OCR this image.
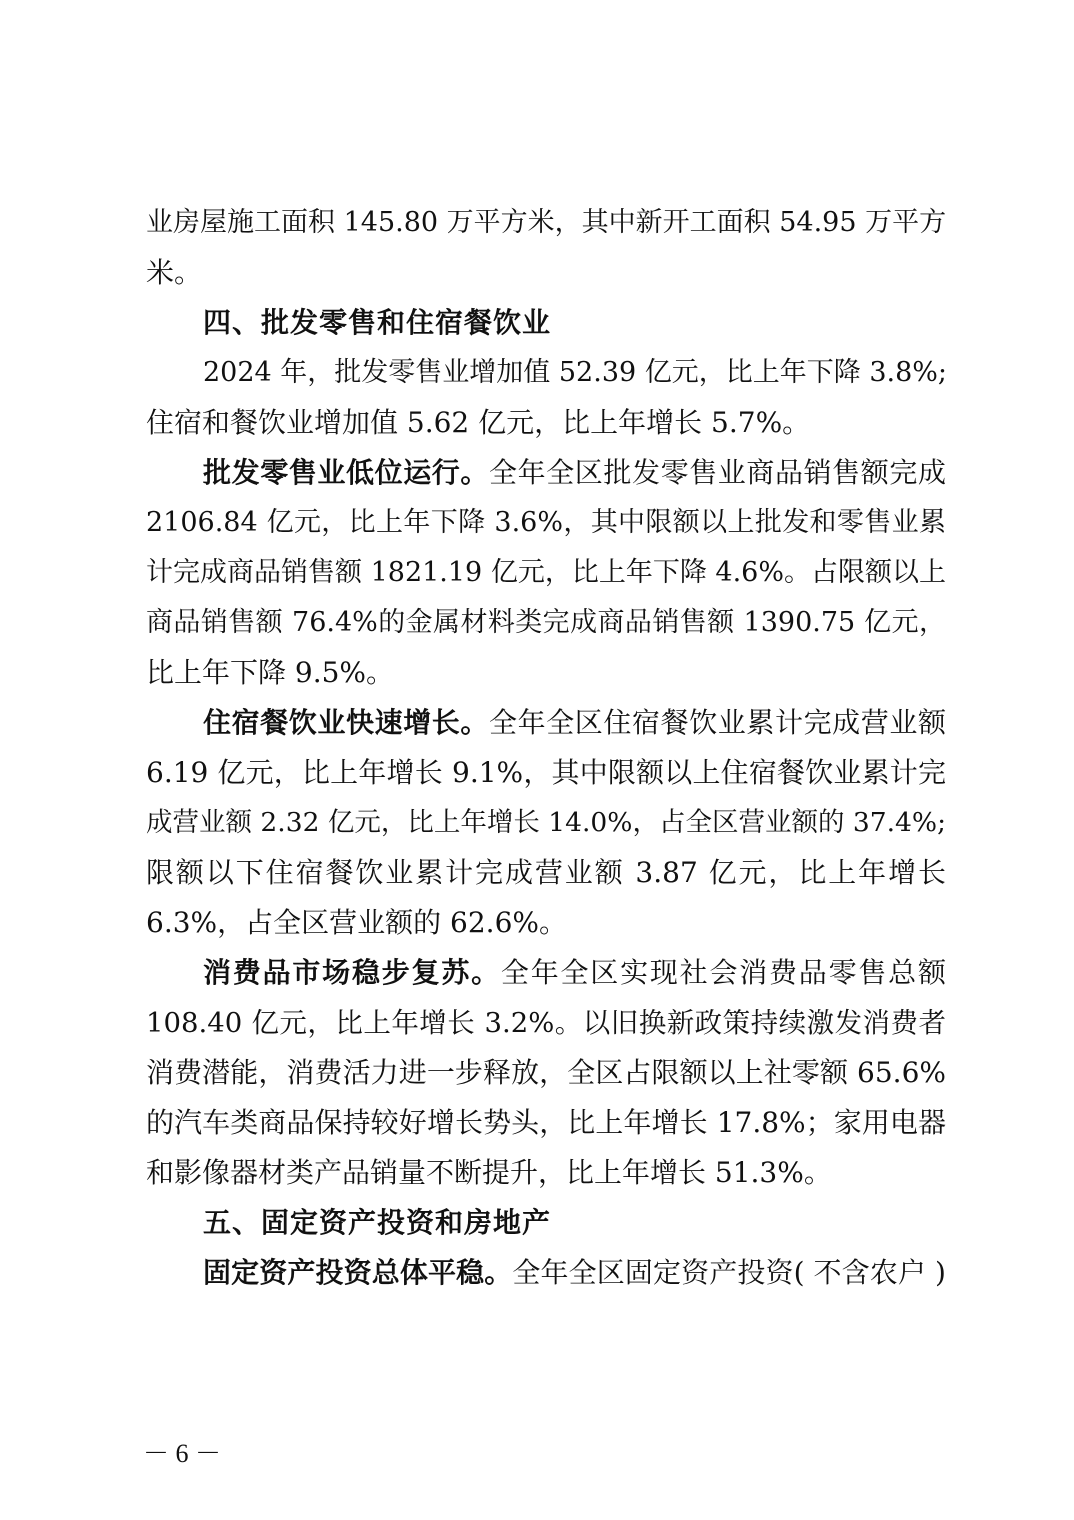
业房屋施工面积 145.80 万平方米，其中新开工面积 54.95 万平方
米。
四、批发零售和住宿餐饮业
2024 年，批发零售业增加值 52.39 亿元，比上年下降 3.8%;
住宿和餐饮业增加值 5.62 亿元，比上年增长 5.7%。
批发零售业低位运行。全年全区批发零售业商品销售额完成
2106.84 亿元，比上年下降 3.6%，其中限额以上批发和零售业累
计完成商品销售额 1821.19 亿元，比上年下降 4.6%。占限额以上
商品销售额 76.4%的金属材料类完成商品销售额 1390.75 亿元，
比上年下降 9.5%。
住宿餐饮业快速增长。全年全区住宿餐饮业累计完成营业额
6.19 亿元，比上年增长 9.1%，其中限额以上住宿餐饮业累计完
成营业额 2.32 亿元，比上年增长 14.0%，占全区营业额的 37.4%;
限额以下住宿餐饮业累计完成营业额 3.87 亿元，比上年增长
6.3%，占全区营业额的 62.6%。
消费品市场稳步复苏。全年全区实现社会消费品零售总额
108.40 亿元，比上年增长 3.2%。以旧换新政策持续激发消费者
消费潜能，消费活力进一步释放，全区占限额以上社零额 65.6%
的汽车类商品保持较好增长势头，比上年增长 17.8%；家用电器
和影像器材类产品销量不断提升，比上年增长 51.3%。
五、固定资产投资和房地产
固定资产投资总体平稳。全年全区固定资产投资( 不含农户 )
－ 6 －
